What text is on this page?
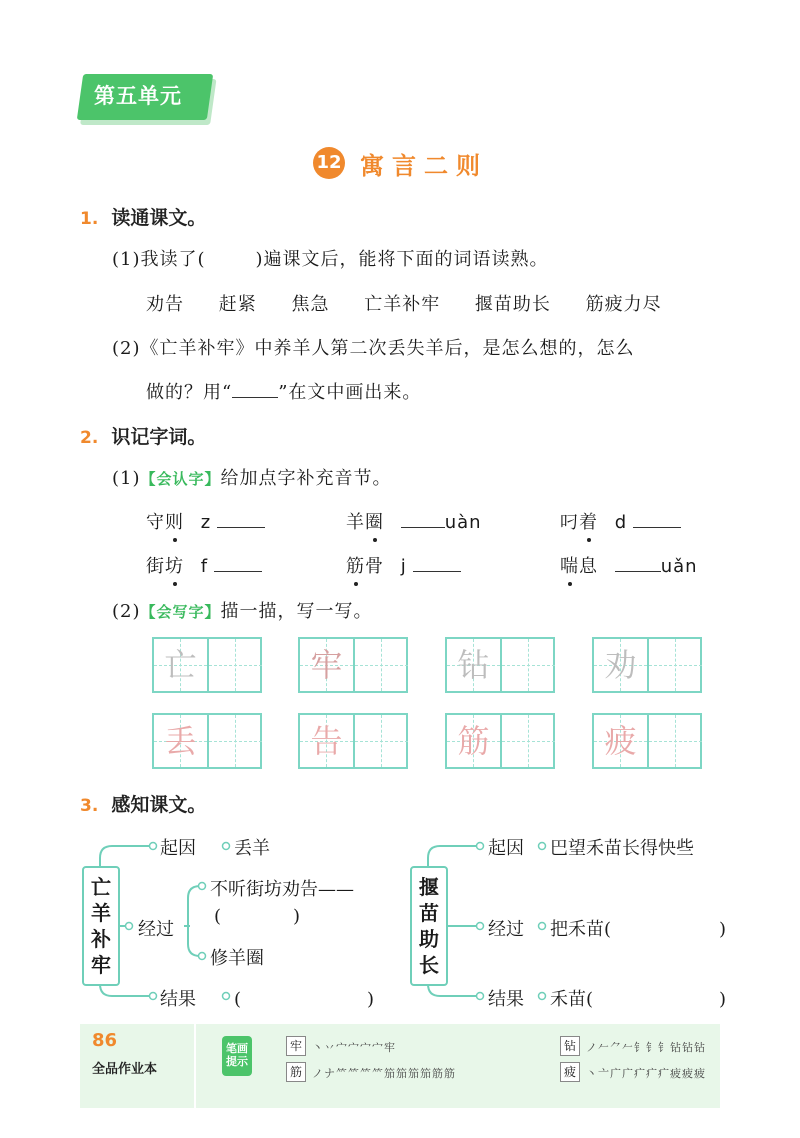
第五单元
12 寓言二则
1. 读通课文。
(1)我读了(	)遍课文后，能将下面的词语读熟。
劝告 赶紧 焦急 亡羊补牢 揠苗助长 筋疲力尽
(2)《亡羊补牢》中养羊人第二次丢失羊后，是怎么想的，怎么
做的？用“	”在文中画出来。
2. 识记字词。
(1)【会认字】给加点字补充音节。
守则 z	羊圈	uàn	叼着 d
街坊 f	筋骨 j	喘息	uǎn
(2)【会写字】描一描，写一写。
亡	牢	钻	劝
丢	告	筋	疲
3. 感知课文。
亡
羊
补
牢
起因 丢羊
经过
不听街坊劝告——
(　　　　)
修羊圈
结果 (　　　　　　　)
揠
苗
助
长
起因 巴望禾苗长得快些
经过 把禾苗(　　　　　　)
结果 禾苗(　　　　　　　)
86
全品作业本
笔画提示
牢 丶丷宀宀宀宀牢
筋 ノナ⺮⺮⺮⺮笳笳笳笳筋筋
钻 ノ𠂉⺈𠂉钅钅钅钻钻钻
疲 丶亠广广疒疒疒疲疲疲
